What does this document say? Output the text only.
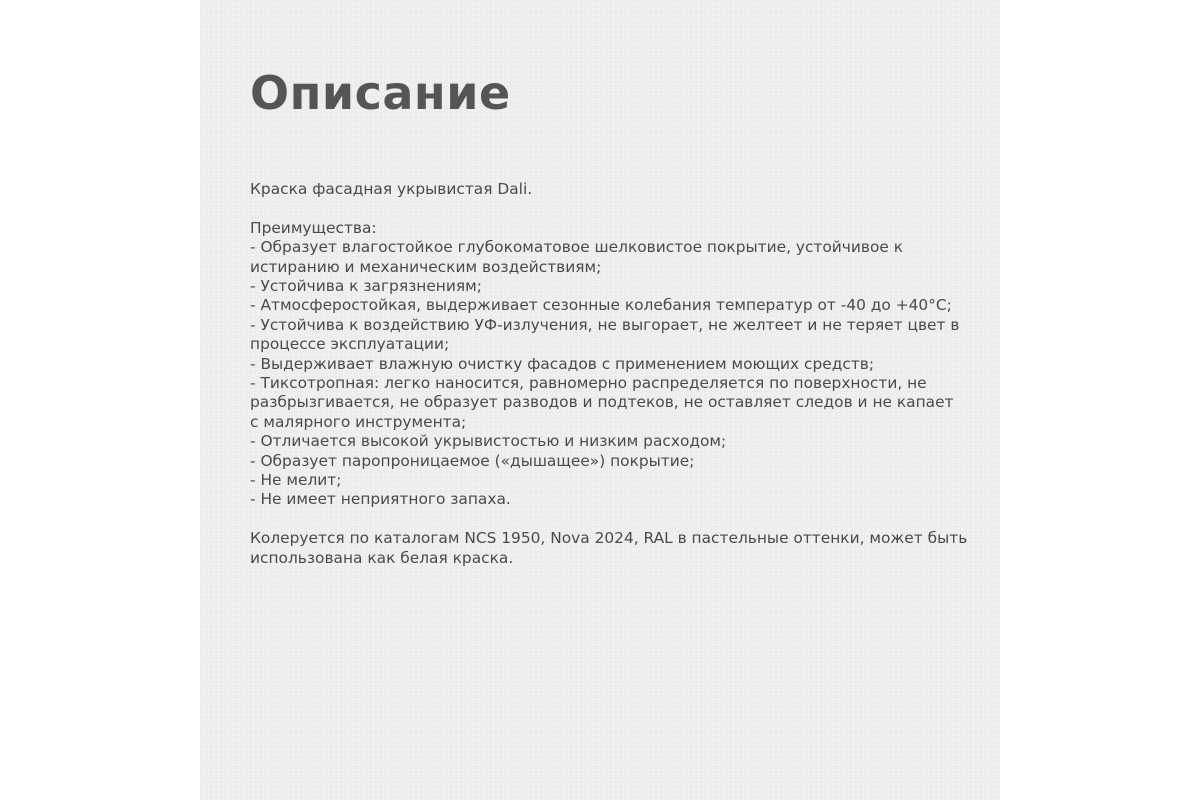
Описание
Краска фасадная укрывистая Dali.
Преимущества:
- Образует влагостойкое глубокоматовое шелковистое покрытие, устойчивое к
истиранию и механическим воздействиям;
- Устойчива к загрязнениям;
- Атмосферостойкая, выдерживает сезонные колебания температур от -40 до +40°С;
- Устойчива к воздействию УФ-излучения, не выгорает, не желтеет и не теряет цвет в
процессе эксплуатации;
- Выдерживает влажную очистку фасадов с применением моющих средств;
- Тиксотропная: легко наносится, равномерно распределяется по поверхности, не
разбрызгивается, не образует разводов и подтеков, не оставляет следов и не капает
с малярного инструмента;
- Отличается высокой укрывистостью и низким расходом;
- Образует паропроницаемое («дышащее») покрытие;
- Не мелит;
- Не имеет неприятного запаха.
Колеруется по каталогам NCS 1950, Nova 2024, RAL в пастельные оттенки, может быть
использована как белая краска.
